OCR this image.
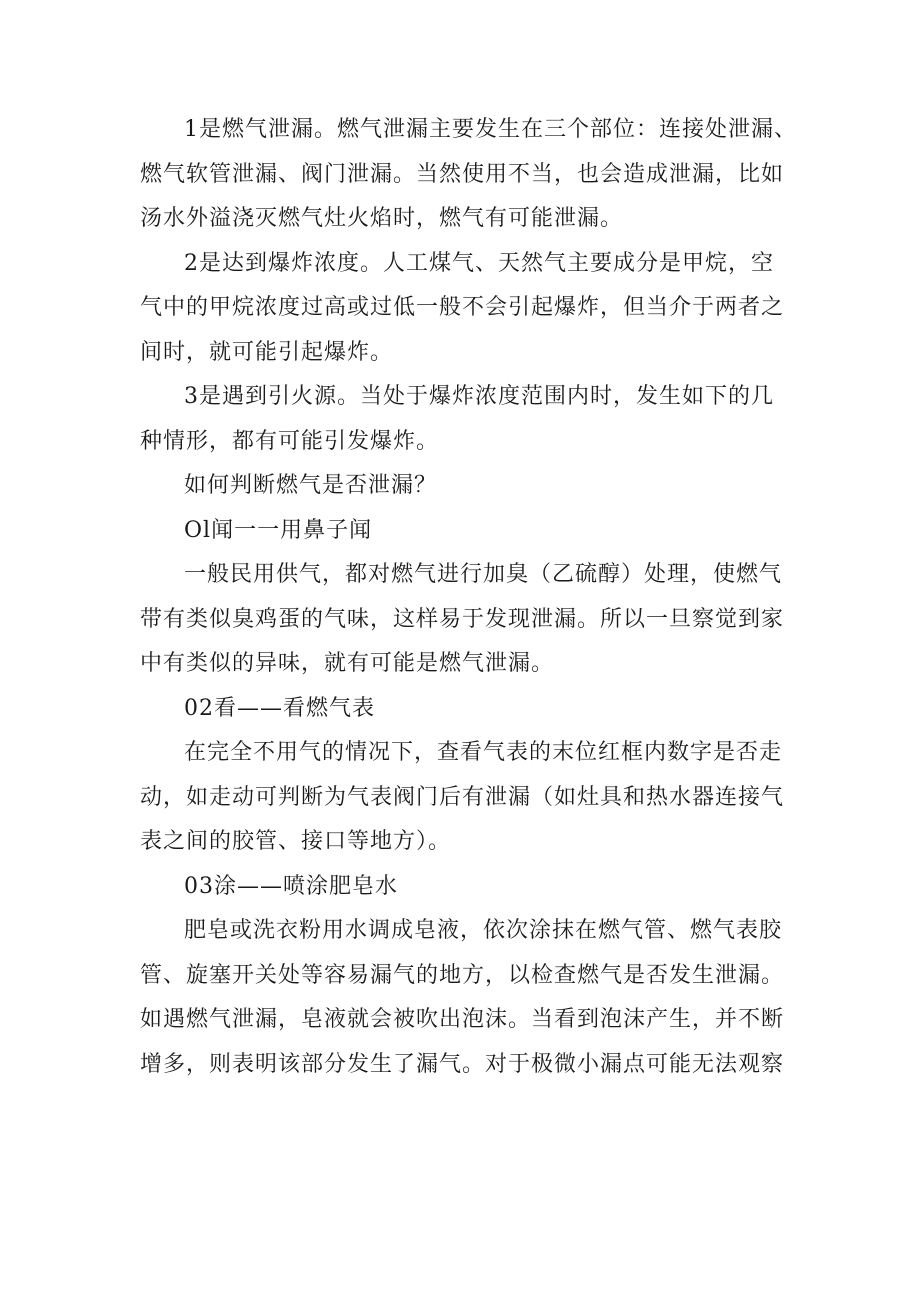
1是燃气泄漏。燃气泄漏主要发生在三个部位：连接处泄漏、
燃气软管泄漏、阀门泄漏。当然使用不当，也会造成泄漏，比如
汤水外溢浇灭燃气灶火焰时，燃气有可能泄漏。
2是达到爆炸浓度。人工煤气、天然气主要成分是甲烷，空
气中的甲烷浓度过高或过低一般不会引起爆炸，但当介于两者之
间时，就可能引起爆炸。
3是遇到引火源。当处于爆炸浓度范围内时，发生如下的几
种情形，都有可能引发爆炸。
如何判断燃气是否泄漏？
Ol闻一一用鼻子闻
一般民用供气，都对燃气进行加臭（乙硫醇）处理，使燃气
带有类似臭鸡蛋的气味，这样易于发现泄漏。所以一旦察觉到家
中有类似的异味，就有可能是燃气泄漏。
02看——看燃气表
在完全不用气的情况下，查看气表的末位红框内数字是否走
动，如走动可判断为气表阀门后有泄漏（如灶具和热水器连接气
表之间的胶管、接口等地方）。
03涂——喷涂肥皂水
肥皂或洗衣粉用水调成皂液，依次涂抹在燃气管、燃气表胶
管、旋塞开关处等容易漏气的地方，以检查燃气是否发生泄漏。
如遇燃气泄漏，皂液就会被吹出泡沫。当看到泡沫产生，并不断
增多，则表明该部分发生了漏气。对于极微小漏点可能无法观察
